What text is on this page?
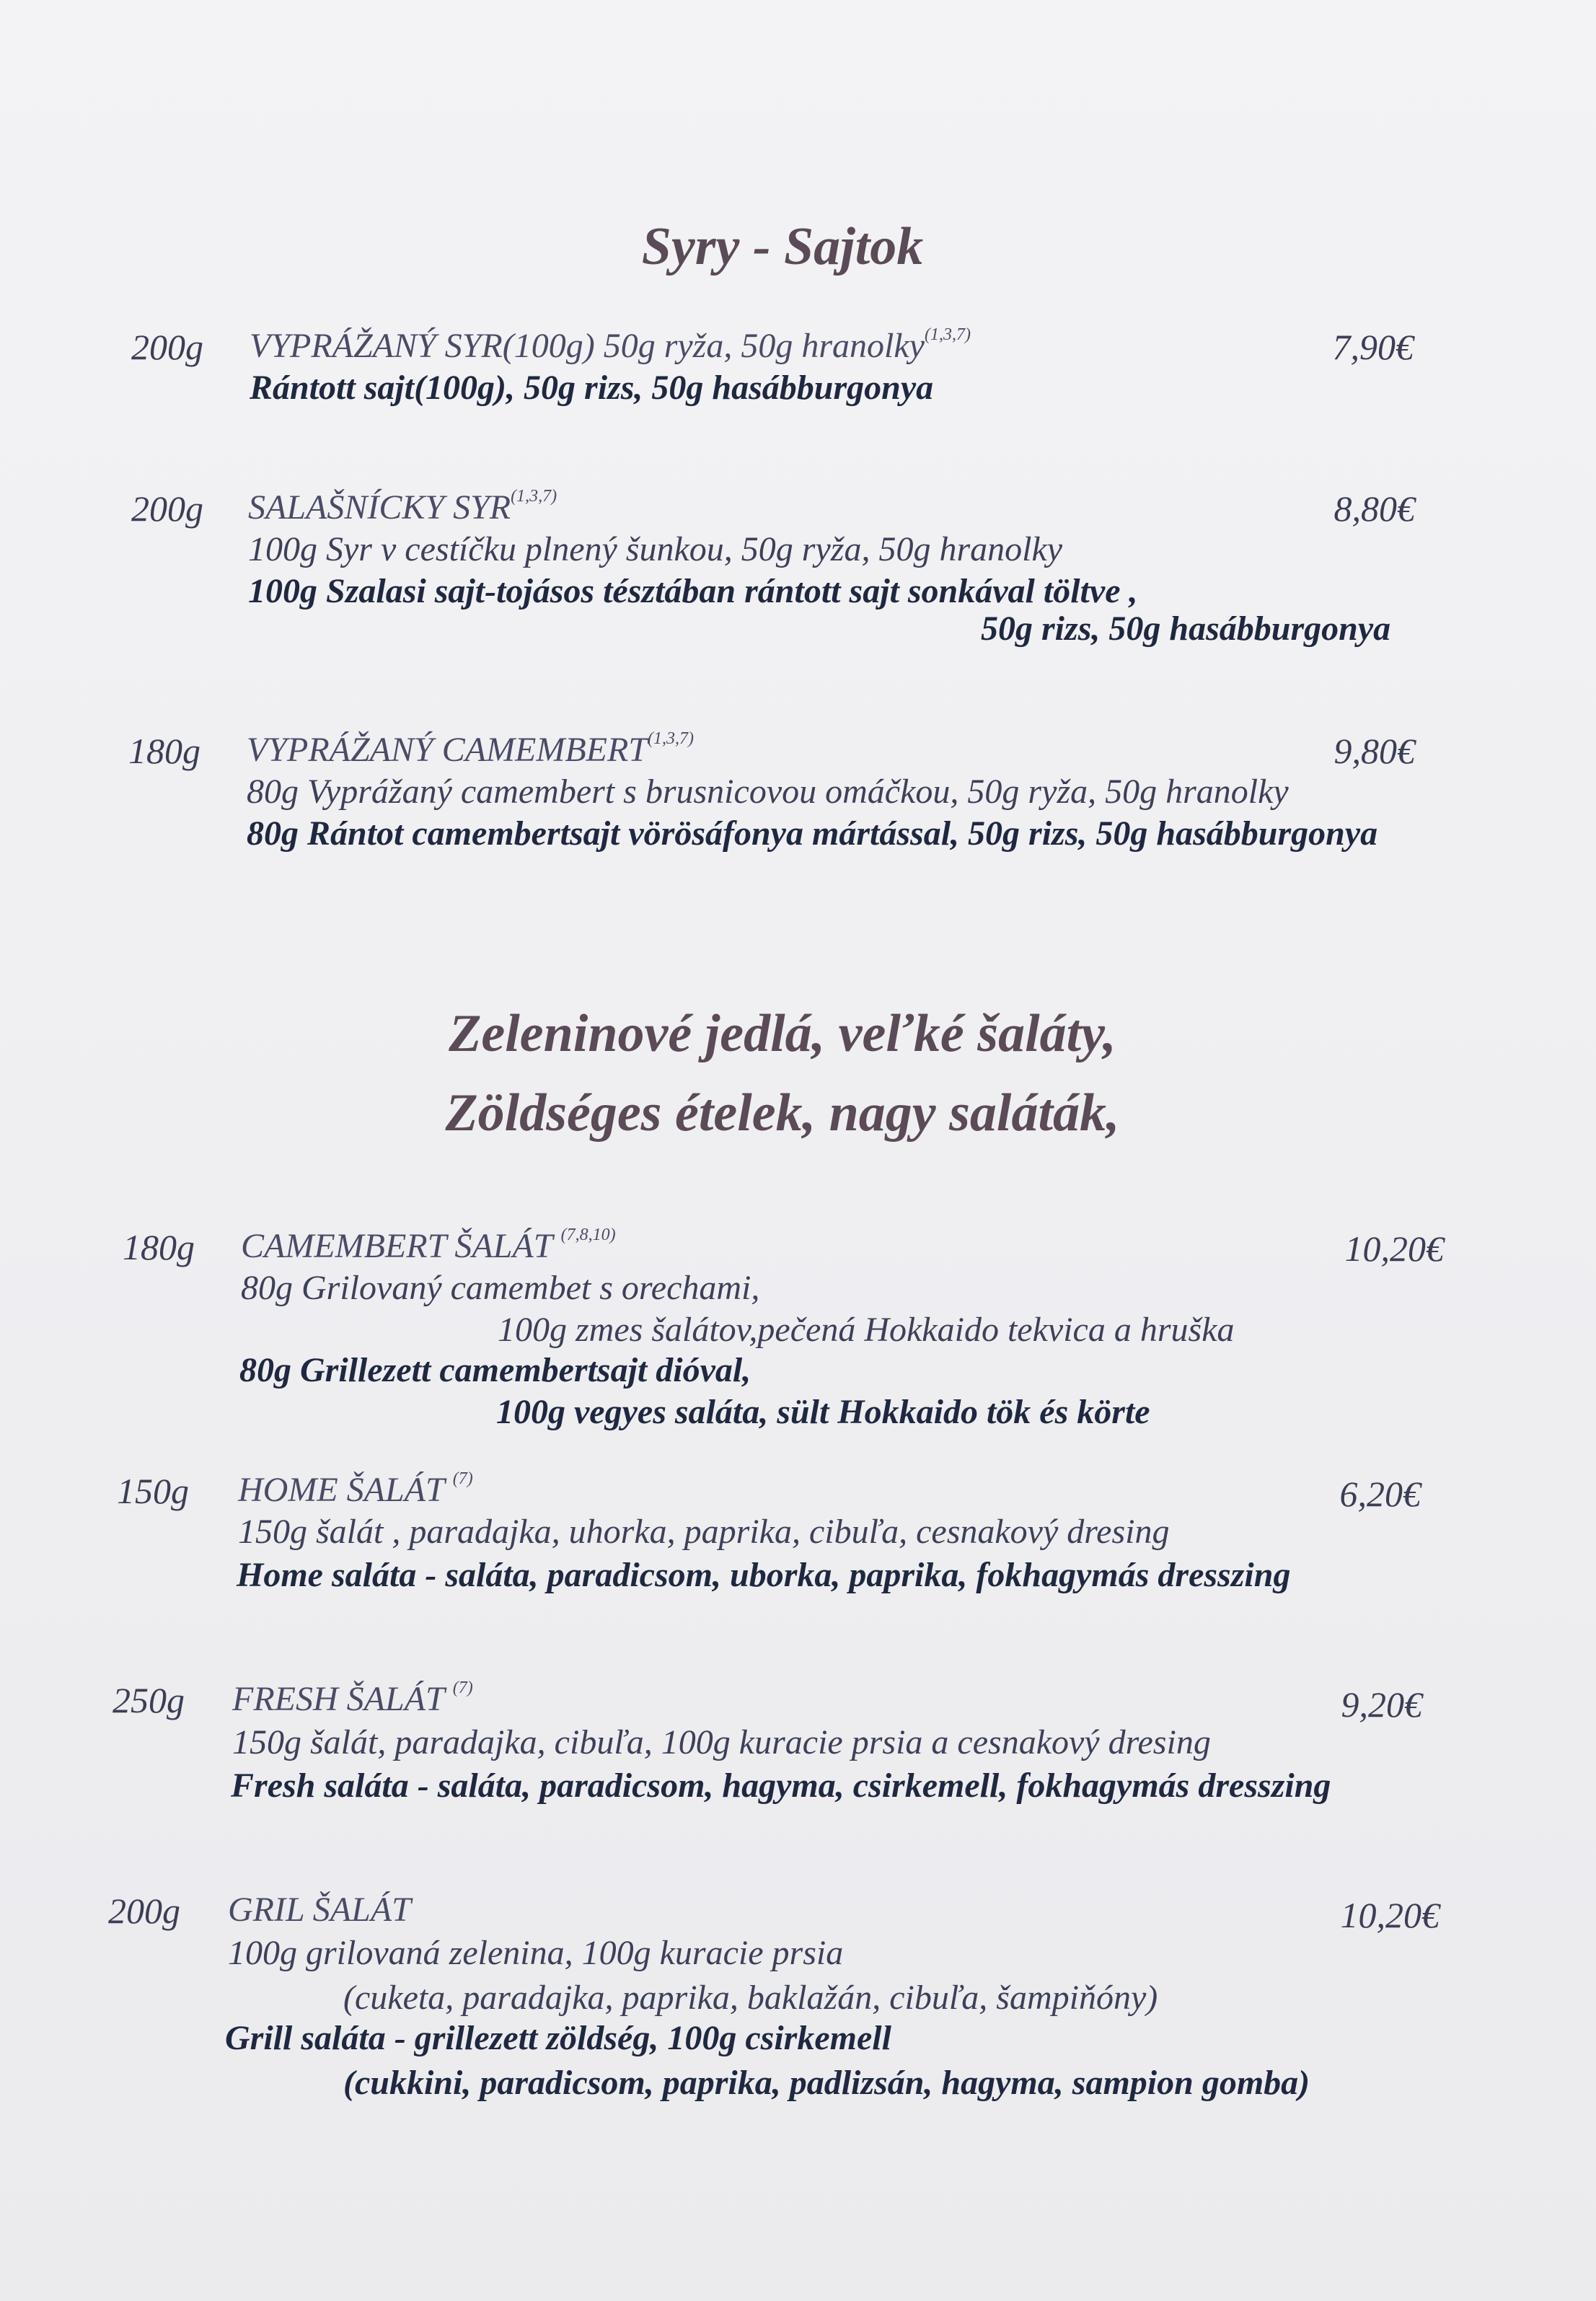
Syry - Sajtok
200g VYPRÁŽANÝ SYR(100g) 50g ryža, 50g hranolky$^{(1,3,7)}$	7,90€
Rántott sajt(100g), 50g rizs, 50g hasábburgonya
200g SALAŠNÍCKY SYR$^{(1,3,7)}$	8,80€
100g Syr v cestíčku plnený šunkou, 50g ryža, 50g hranolky
100g Szalasi sajt-tojásos tésztában rántott sajt sonkával töltve ,
50g rizs, 50g hasábburgonya
180g VYPRÁŽANÝ CAMEMBERT$^{(1,3,7)}$	9,80€
80g Vyprážaný camembert s brusnicovou omáčkou, 50g ryža, 50g hranolky
80g Rántot camembertsajt vörösáfonya mártással, 50g rizs, 50g hasábburgonya
Zeleninové jedlá, veľké šaláty,
Zöldséges ételek, nagy saláták,
180g CAMEMBERT ŠALÁT $^{(7,8,10)}$	10,20€
80g Grilovaný camembet s orechami,
100g zmes šalátov,pečená Hokkaido tekvica a hruška
80g Grillezett camembertsajt dióval,
100g vegyes saláta, sült Hokkaido tök és körte
150g HOME ŠALÁT $^{(7)}$	6,20€
150g šalát , paradajka, uhorka, paprika, cibuľa, cesnakový dresing
Home saláta - saláta, paradicsom, uborka, paprika, fokhagymás dresszing
250g FRESH ŠALÁT $^{(7)}$	9,20€
150g šalát, paradajka, cibuľa, 100g kuracie prsia a cesnakový dresing
Fresh saláta - saláta, paradicsom, hagyma, csirkemell, fokhagymás dresszing
200g GRIL ŠALÁT	10,20€
100g grilovaná zelenina, 100g kuracie prsia
(cuketa, paradajka, paprika, baklažán, cibuľa, šampiňóny)
Grill saláta - grillezett zöldség, 100g csirkemell
(cukkini, paradicsom, paprika, padlizsán, hagyma, sampion gomba)
